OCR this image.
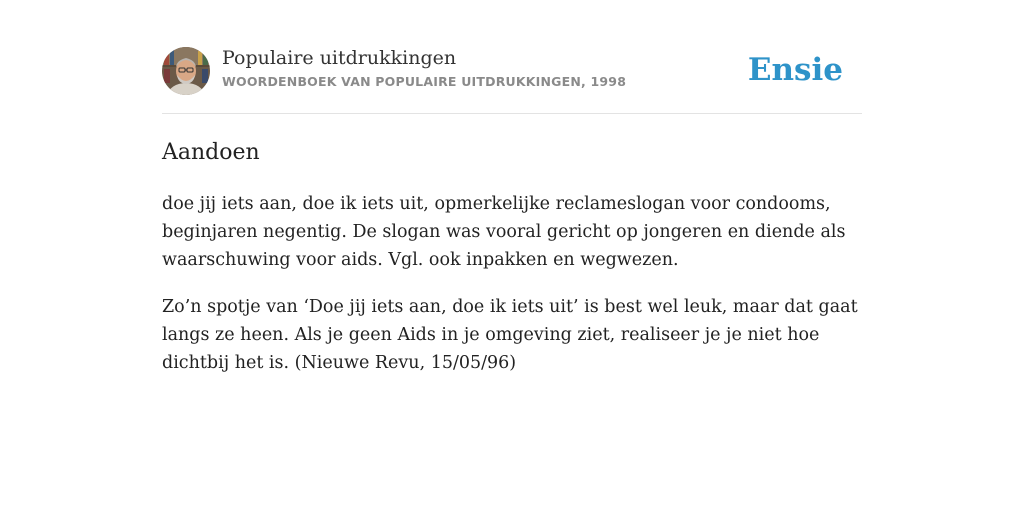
Populaire uitdrukkingen
WOORDENBOEK VAN POPULAIRE UITDRUKKINGEN, 1998	Ensie
Aandoen

doe jij iets aan, doe ik iets uit, opmerkelijke reclameslogan voor condooms, beginjaren negentig. De slogan was vooral gericht op jongeren en diende als waarschuwing voor aids. Vgl. ook inpakken en wegwezen.

Zo’n spotje van ‘Doe jij iets aan, doe ik iets uit’ is best wel leuk, maar dat gaat langs ze heen. Als je geen Aids in je omgeving ziet, realiseer je je niet hoe dichtbij het is. (Nieuwe Revu, 15/05/96)
